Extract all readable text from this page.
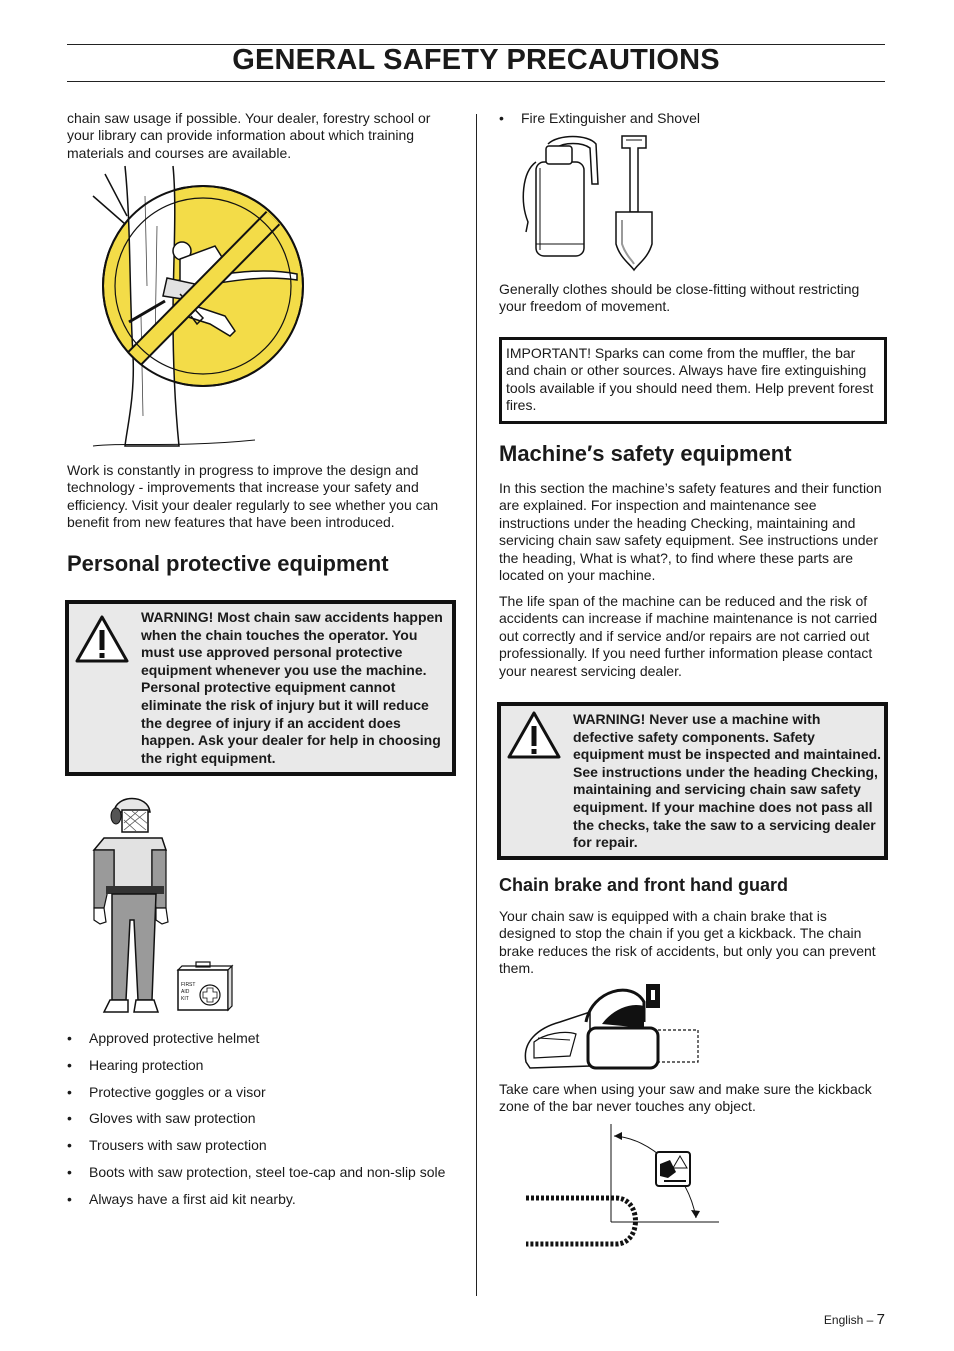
GENERAL SAFETY PRECAUTIONS

chain saw usage if possible. Your dealer, forestry school or your library can provide information about which training materials and courses are available.

Work is constantly in progress to improve the design and technology - improvements that increase your safety and efficiency. Visit your dealer regularly to see whether you can benefit from new features that have been introduced.

Personal protective equipment

WARNING! Most chain saw accidents happen when the chain touches the operator. You must use approved personal protective equipment whenever you use the machine. Personal protective equipment cannot eliminate the risk of injury but it will reduce the degree of injury if an accident does happen. Ask your dealer for help in choosing the right equipment.

FIRST
AID
KIT
• Approved protective helmet
• Hearing protection
• Protective goggles or a visor
• Gloves with saw protection
• Trousers with saw protection
• Boots with saw protection, steel toe-cap and non-slip sole
• Always have a first aid kit nearby.
• Fire Extinguisher and Shovel

Generally clothes should be close-fitting without restricting your freedom of movement.

IMPORTANT! Sparks can come from the muffler, the bar and chain or other sources. Always have fire extinguishing tools available if you should need them. Help prevent forest fires.

Machine′s safety equipment

In this section the machine’s safety features and their function are explained. For inspection and maintenance see instructions under the heading Checking, maintaining and servicing chain saw safety equipment. See instructions under the heading, What is what?, to find where these parts are located on your machine.

The life span of the machine can be reduced and the risk of accidents can increase if machine maintenance is not carried out correctly and if service and/or repairs are not carried out professionally. If you need further information please contact your nearest servicing dealer.

WARNING! Never use a machine with defective safety components. Safety equipment must be inspected and maintained. See instructions under the heading Checking, maintaining and servicing chain saw safety equipment. If your machine does not pass all the checks, take the saw to a servicing dealer for repair.

Chain brake and front hand guard

Your chain saw is equipped with a chain brake that is designed to stop the chain if you get a kickback. The chain brake reduces the risk of accidents, but only you can prevent them.

Take care when using your saw and make sure the kickback zone of the bar never touches any object.

English – 7
